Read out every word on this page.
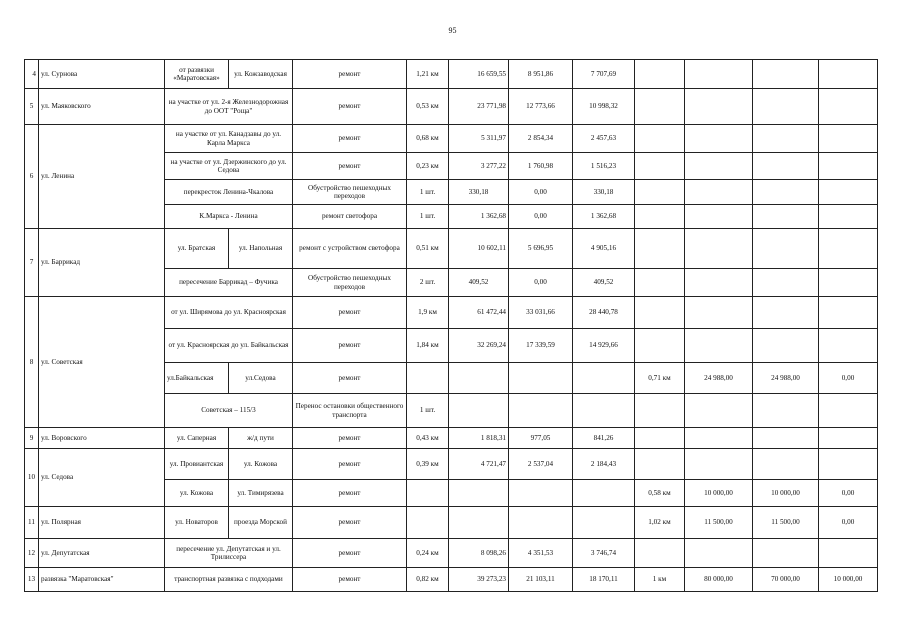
95
4	ул. Сурнова	от развязки «Маратовская»	ул. Кожзаводская	ремонт	1,21 км	16 659,55	8 951,86	7 707,69				
5	ул. Маяковского	на участке от ул. 2-я Железнодорожная до ООТ "Роща"		ремонт	0,53 км	23 771,98	12 773,66	10 998,32				
6	ул. Ленина	на участке от ул. Канадзавы до ул. Карла Маркса		ремонт	0,68 км	5 311,97	2 854,34	2 457,63				
		на участке от ул. Дзержинского до ул. Седова		ремонт	0,23 км	3 277,22	1 760,98	1 516,23				
		перекресток Ленина-Чкалова		Обустройство пешеходных переходов	1 шт.	330,18	0,00	330,18				
		К.Маркса - Ленина		ремонт светофора	1 шт.	1 362,68	0,00	1 362,68				
7	ул. Баррикад	ул. Братская	ул. Напольная	ремонт с устройством светофора	0,51 км	10 602,11	5 696,95	4 905,16				
		пересечение Баррикад – Фучика		Обустройство пешеходных переходов	2 шт.	409,52	0,00	409,52				
8	ул. Советская	от ул. Ширямова до ул. Красноярская		ремонт	1,9 км	61 472,44	33 031,66	28 440,78				
		от ул. Красноярская до ул. Байкальская		ремонт	1,84 км	32 269,24	17 339,59	14 929,66				
		ул.Байкальская	ул.Седова	ремонт					0,71 км	24 988,00	24 988,00	0,00
		Советская – 115/3		Перенос остановки общественного транспорта	1 шт.							
9	ул. Воровского	ул. Саперная	ж/д пути	ремонт	0,43 км	1 818,31	977,05	841,26				
10	ул. Седова	ул. Провиантская	ул. Кожова	ремонт	0,39 км	4 721,47	2 537,04	2 184,43				
		ул. Кожова	ул. Тимирязева	ремонт					0,58 км	10 000,00	10 000,00	0,00
11	ул. Полярная	ул. Новаторов	проезда Морской	ремонт					1,02 км	11 500,00	11 500,00	0,00
12	ул. Депутатская	пересечение ул. Депутатская и ул. Трилиссера		ремонт	0,24 км	8 098,26	4 351,53	3 746,74				
13	развязка "Маратовская"	транспортная развязка с подходами		ремонт	0,82 км	39 273,23	21 103,11	18 170,11	1 км	80 000,00	70 000,00	10 000,00
